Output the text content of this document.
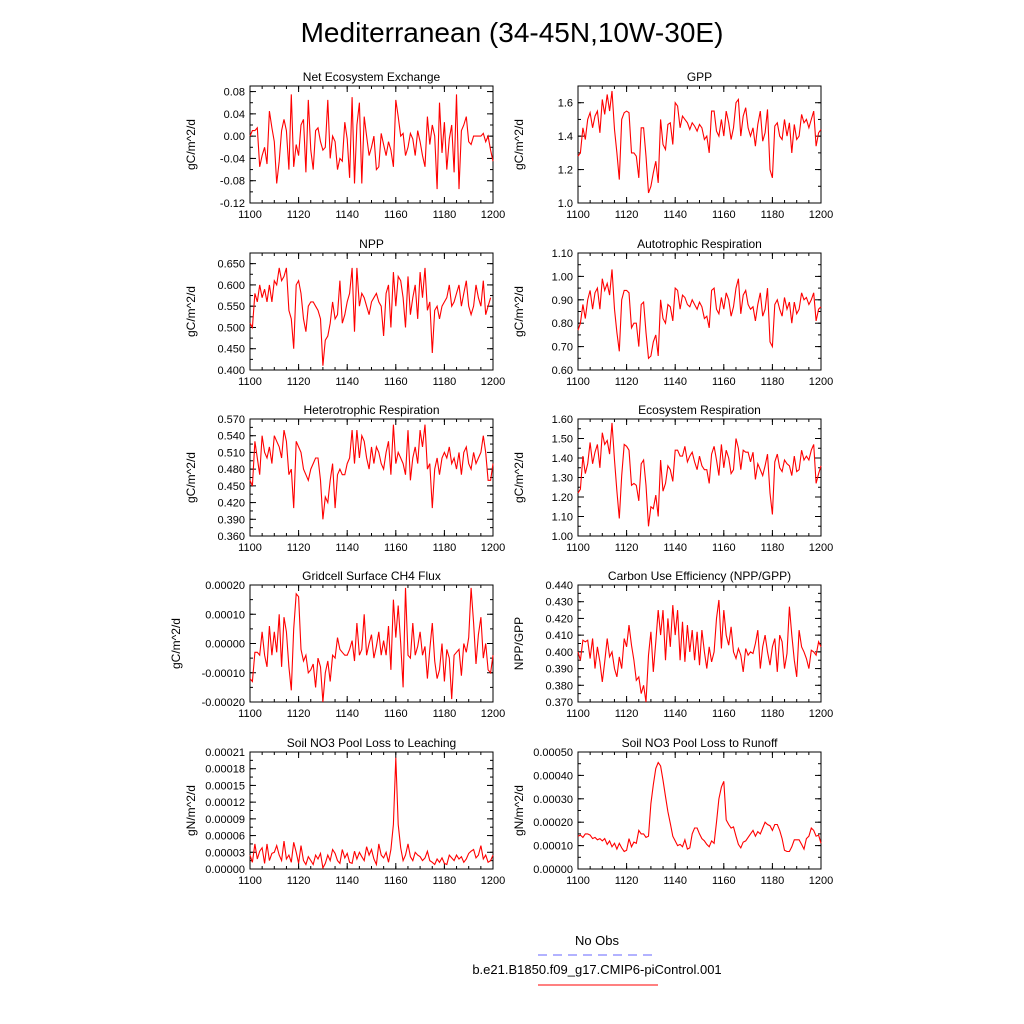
Mediterranean (34-45N,10W-30E)
1100 1120 1140 1160 1180 1200
0.08
0.04
0.00
-0.04
-0.08
-0.12
Net Ecosystem Exchange
gC/m^2/d
1100 1120 1140 1160 1180 1200
1.6
1.4
1.2
1.0
GPP
gC/m^2/d
1100 1120 1140 1160 1180 1200
0.650
0.600
0.550
0.500
0.450
0.400
NPP
gC/m^2/d
1100 1120 1140 1160 1180 1200
1.10
1.00
0.90
0.80
0.70
0.60
Autotrophic Respiration
gC/m^2/d
1100 1120 1140 1160 1180 1200
0.570
0.540
0.510
0.480
0.450
0.420
0.390
0.360
Heterotrophic Respiration
gC/m^2/d
1100 1120 1140 1160 1180 1200
1.60
1.50
1.40
1.30
1.20
1.10
1.00
Ecosystem Respiration
gC/m^2/d
1100 1120 1140 1160 1180 1200
0.00020
0.00010
0.00000
-0.00010
-0.00020
Gridcell Surface CH4 Flux
gC/m^2/d
1100 1120 1140 1160 1180 1200
0.440
0.430
0.420
0.410
0.400
0.390
0.380
0.370
Carbon Use Efficiency (NPP/GPP)
NPP/GPP
1100 1120 1140 1160 1180 1200
0.00021
0.00018
0.00015
0.00012
0.00009
0.00006
0.00003
0.00000
Soil NO3 Pool Loss to Leaching
gN/m^2/d
1100 1120 1140 1160 1180 1200
0.00050
0.00040
0.00030
0.00020
0.00010
0.00000
Soil NO3 Pool Loss to Runoff
gN/m^2/d
No Obs
b.e21.B1850.f09_g17.CMIP6-piControl.001
